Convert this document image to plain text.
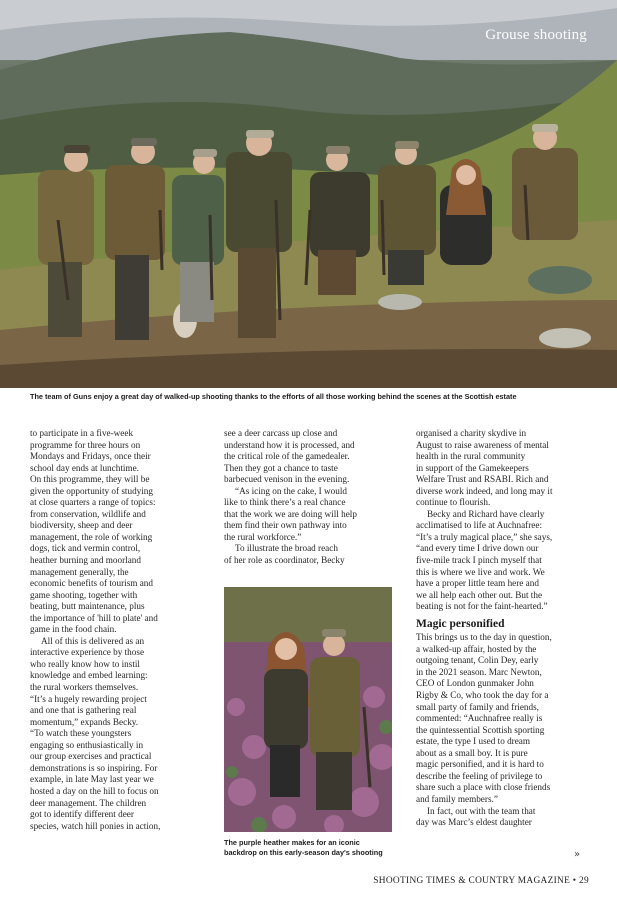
Grouse shooting
The team of Guns enjoy a great day of walked-up shooting thanks to the efforts of all those working behind the scenes at the Scottish estate

to participate in a five-week
programme for three hours on
Mondays and Fridays, once their
school day ends at lunchtime.
On this programme, they will be
given the opportunity of studying
at close quarters a range of topics:
from conservation, wildlife and
biodiversity, sheep and deer
management, the role of working
dogs, tick and vermin control,
heather burning and moorland
management generally, the
economic benefits of tourism and
game shooting, together with
beating, butt maintenance, plus
the importance of 'hill to plate' and
game in the food chain.

All of this is delivered as an
interactive experience by those
who really know how to instil
knowledge and embed learning:
the rural workers themselves.
“It’s a hugely rewarding project
and one that is gathering real
momentum,” expands Becky.
“To watch these youngsters
engaging so enthusiastically in
our group exercises and practical
demonstrations is so inspiring. For
example, in late May last year we
hosted a day on the hill to focus on
deer management. The children
got to identify different deer
species, watch hill ponies in action,

see a deer carcass up close and
understand how it is processed, and
the critical role of the gamedealer.
Then they got a chance to taste
barbecued venison in the evening.

“As icing on the cake, I would
like to think there’s a real chance
that the work we are doing will help
them find their own pathway into
the rural workforce.”

To illustrate the broad reach
of her role as coordinator, Becky

The purple heather makes for an iconic
backdrop on this early-season day's shooting

organised a charity skydive in
August to raise awareness of mental
health in the rural community
in support of the Gamekeepers
Welfare Trust and RSABI. Rich and
diverse work indeed, and long may it
continue to flourish.

Becky and Richard have clearly
acclimatised to life at Auchnafree:
“It’s a truly magical place,” she says,
“and every time I drive down our
five-mile track I pinch myself that
this is where we live and work. We
have a proper little team here and
we all help each other out. But the
beating is not for the faint-hearted.”

Magic personified

This brings us to the day in question,
a walked-up affair, hosted by the
outgoing tenant, Colin Dey, early
in the 2021 season. Marc Newton,
CEO of London gunmaker John
Rigby & Co, who took the day for a
small party of family and friends,
commented: “Auchnafree really is
the quintessential Scottish sporting
estate, the type I used to dream
about as a small boy. It is pure
magic personified, and it is hard to
describe the feeling of privilege to
share such a place with close friends
and family members.”

In fact, out with the team that
day was Marc’s eldest daughter

»
SHOOTING TIMES & COUNTRY MAGAZINE • 29
